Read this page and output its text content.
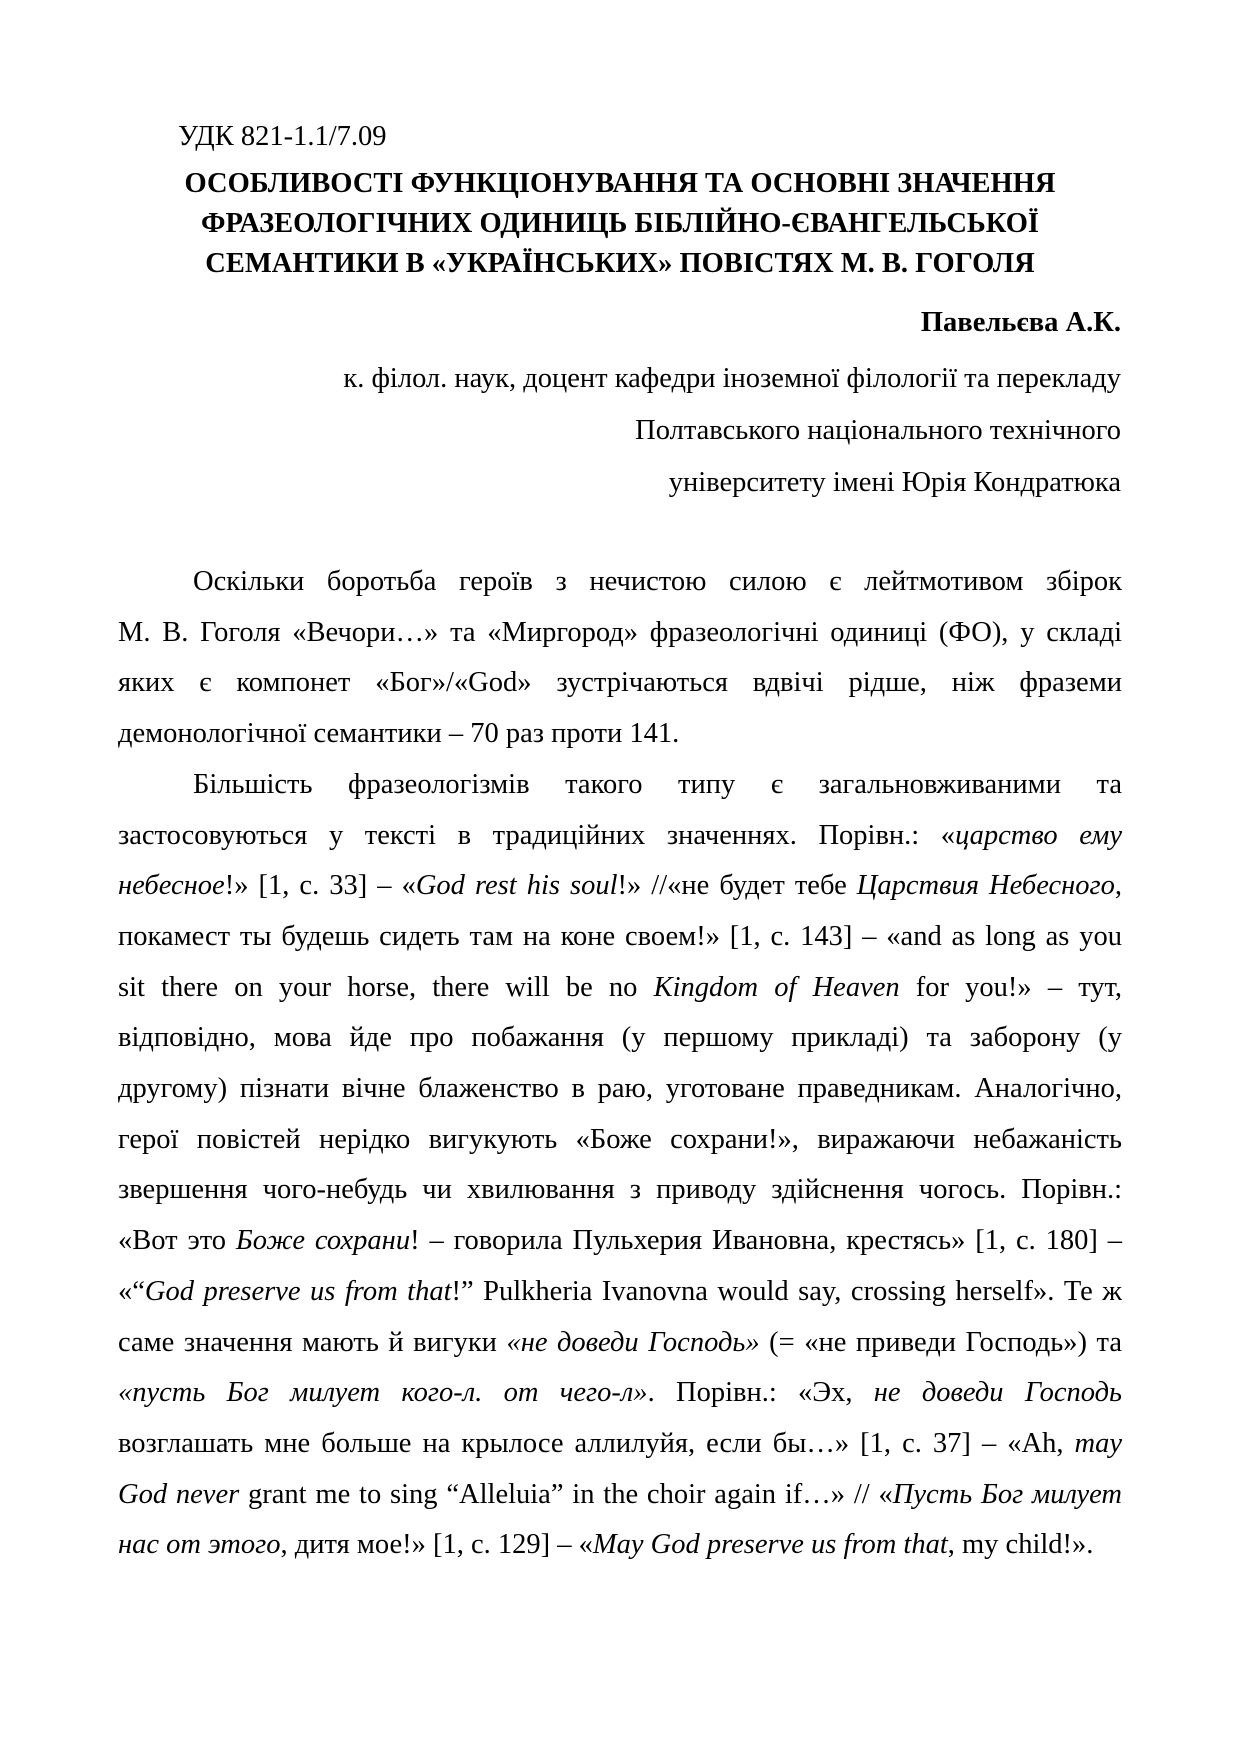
УДК 821-1.1/7.09
ОСОБЛИВОСТІ ФУНКЦІОНУВАННЯ ТА ОСНОВНІ ЗНАЧЕННЯ
ФРАЗЕОЛОГІЧНИХ ОДИНИЦЬ БІБЛІЙНО-ЄВАНГЕЛЬСЬКОЇ
СЕМАНТИКИ В «УКРАЇНСЬКИХ» ПОВІСТЯХ М. В. ГОГОЛЯ
Павельєва А.К.
к. філол. наук, доцент кафедри іноземної філології та перекладу
Полтавського національного технічного
університету імені Юрія Кондратюка

Оскільки боротьба героїв з нечистою силою є лейтмотивом збірок
М. В. Гоголя «Вечори…» та «Миргород» фразеологічні одиниці (ФО), у складі
яких є компонет «Бог»/«God» зустрічаються вдвічі рідше, ніж фраземи
демонологічної семантики – 70 раз проти 141.

Більшість фразеологізмів такого типу є загальновживаними та
застосовуються у тексті в традиційних значеннях. Порівн.: «царство ему
небесное!» [1, с. 33] – «God rest his soul!» //«не будет тебе Царствия Небесного,
покамест ты будешь сидеть там на коне своем!» [1, с. 143] – «and as long as you
sit there on your horse, there will be no Kingdom of Heaven for you!» – тут,
відповідно, мова йде про побажання (у першому прикладі) та заборону (у
другому) пізнати вічне блаженство в раю, уготоване праведникам. Аналогічно,
герої повістей нерідко вигукують «Боже сохрани!», виражаючи небажаність
звершення чого-небудь чи хвилювання з приводу здійснення чогось. Порівн.:
«Вот это Боже сохрани! – говорила Пульхерия Ивановна, крестясь» [1, с. 180] –
«“God preserve us from that!” Pulkheria Ivanovna would say, crossing herself». Те ж
саме значення мають й вигуки «не доведи Господь» (= «не приведи Господь») та
«пусть Бог милует кого-л. от чего-л». Порівн.: «Эх, не доведи Господь
возглашать мне больше на крылосе аллилуйя, если бы…» [1, с. 37] – «Ah, may
God never grant me to sing “Alleluia” in the choir again if…» // «Пусть Бог милует
нас от этого, дитя мое!» [1, с. 129] – «May God preserve us from that, my child!».
